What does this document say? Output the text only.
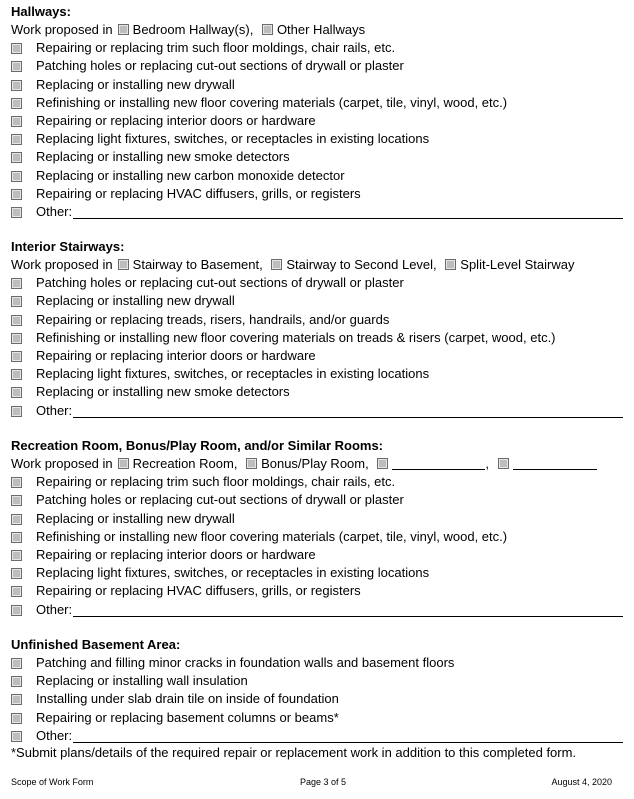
Hallways:
Work proposed in Bedroom Hallway(s), Other Hallways
Repairing or replacing trim such floor moldings, chair rails, etc.
Patching holes or replacing cut-out sections of drywall or plaster
Replacing or installing new drywall
Refinishing or installing new floor covering materials (carpet, tile, vinyl, wood, etc.)
Repairing or replacing interior doors or hardware
Replacing light fixtures, switches, or receptacles in existing locations
Replacing or installing new smoke detectors
Replacing or installing new carbon monoxide detector
Repairing or replacing HVAC diffusers, grills, or registers
Other:
Interior Stairways:
Work proposed in Stairway to Basement, Stairway to Second Level, Split-Level Stairway
Patching holes or replacing cut-out sections of drywall or plaster
Replacing or installing new drywall
Repairing or replacing treads, risers, handrails, and/or guards
Refinishing or installing new floor covering materials on treads & risers (carpet, wood, etc.)
Repairing or replacing interior doors or hardware
Replacing light fixtures, switches, or receptacles in existing locations
Replacing or installing new smoke detectors
Other:
Recreation Room, Bonus/Play Room, and/or Similar Rooms:
Work proposed in Recreation Room, Bonus/Play Room,	,
Repairing or replacing trim such floor moldings, chair rails, etc.
Patching holes or replacing cut-out sections of drywall or plaster
Replacing or installing new drywall
Refinishing or installing new floor covering materials (carpet, tile, vinyl, wood, etc.)
Repairing or replacing interior doors or hardware
Replacing light fixtures, switches, or receptacles in existing locations
Repairing or replacing HVAC diffusers, grills, or registers
Other:
Unfinished Basement Area:
Patching and filling minor cracks in foundation walls and basement floors
Replacing or installing wall insulation
Installing under slab drain tile on inside of foundation
Repairing or replacing basement columns or beams*
Other:
*Submit plans/details of the required repair or replacement work in addition to this completed form.
Scope of Work Form	Page 3 of 5	August 4, 2020
